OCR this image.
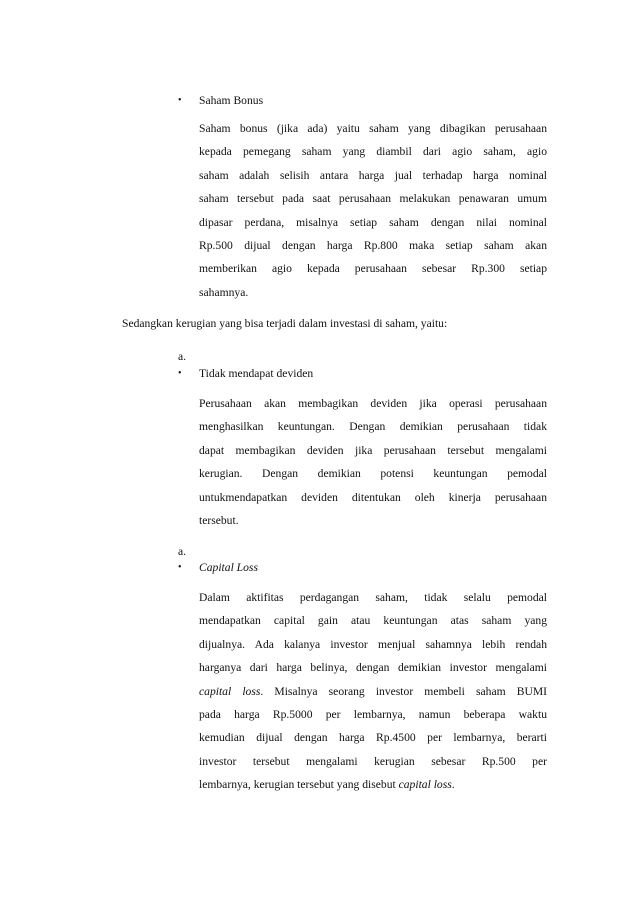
• Saham Bonus
Saham bonus (jika ada) yaitu saham yang dibagikan perusahaan
kepada pemegang saham yang diambil dari agio saham, agio
saham adalah selisih antara harga jual terhadap harga nominal
saham tersebut pada saat perusahaan melakukan penawaran umum
dipasar perdana, misalnya setiap saham dengan nilai nominal
Rp.500 dijual dengan harga Rp.800 maka setiap saham akan
memberikan agio kepada perusahaan sebesar Rp.300 setiap
sahamnya.
Sedangkan kerugian yang bisa terjadi dalam investasi di saham, yaitu:
a.
• Tidak mendapat deviden
Perusahaan akan membagikan deviden jika operasi perusahaan
menghasilkan keuntungan. Dengan demikian perusahaan tidak
dapat membagikan deviden jika perusahaan tersebut mengalami
kerugian. Dengan demikian potensi keuntungan pemodal
untukmendapatkan deviden ditentukan oleh kinerja perusahaan
tersebut.
a.
• Capital Loss
Dalam aktifitas perdagangan saham, tidak selalu pemodal
mendapatkan capital gain atau keuntungan atas saham yang
dijualnya. Ada kalanya investor menjual sahamnya lebih rendah
harganya dari harga belinya, dengan demikian investor mengalami
capital loss. Misalnya seorang investor membeli saham BUMI
pada harga Rp.5000 per lembarnya, namun beberapa waktu
kemudian dijual dengan harga Rp.4500 per lembarnya, berarti
investor tersebut mengalami kerugian sebesar Rp.500 per
lembarnya, kerugian tersebut yang disebut capital loss.
